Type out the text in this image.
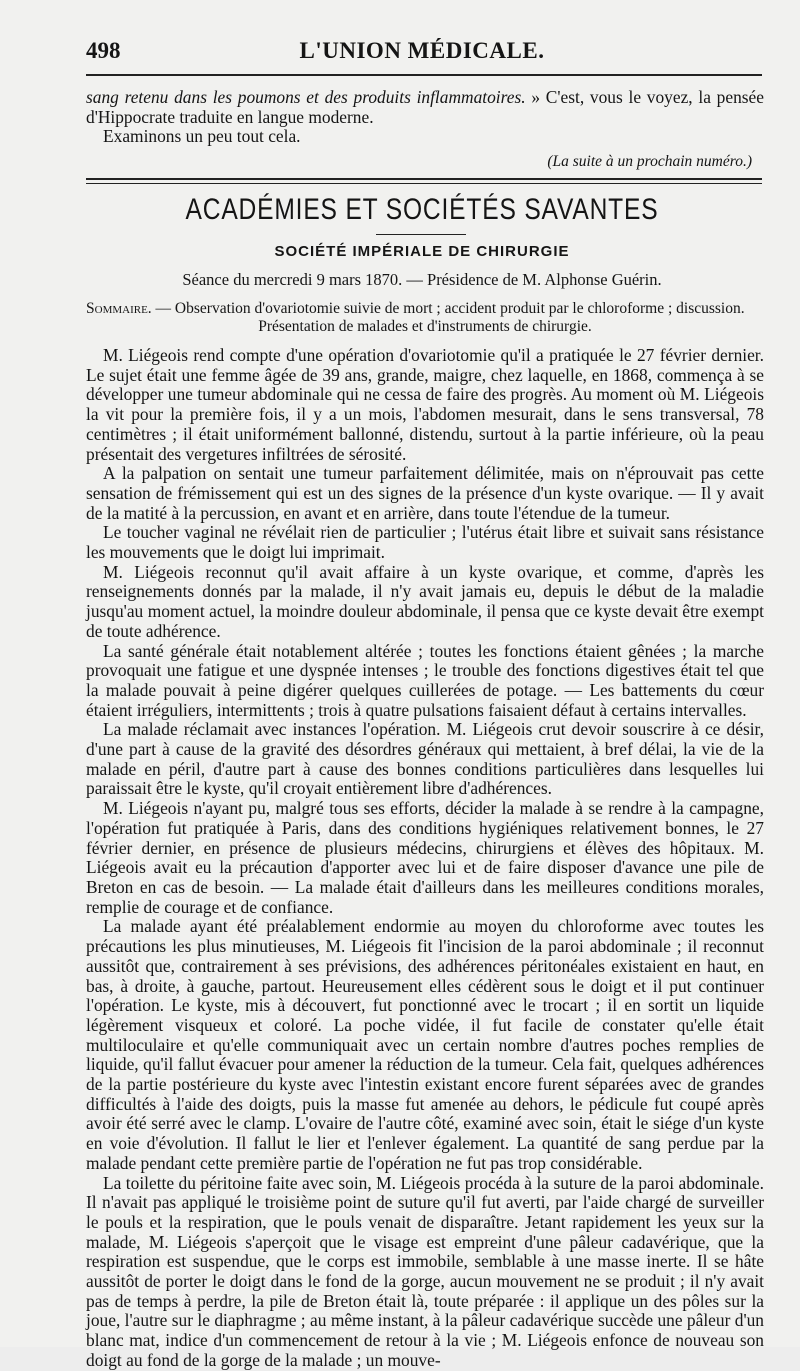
498	L'UNION MÉDICALE.

sang retenu dans les poumons et des produits inflammatoires. » C'est, vous le voyez, la pensée d'Hippocrate traduite en langue moderne.

Examinons un peu tout cela.

(La suite à un prochain numéro.)
ACADÉMIES ET SOCIÉTÉS SAVANTES
SOCIÉTÉ IMPÉRIALE DE CHIRURGIE
Séance du mercredi 9 mars 1870. — Présidence de M. Alphonse Guérin.
Sommaire. — Observation d'ovariotomie suivie de mort ; accident produit par le chloroforme ; discussion.
Présentation de malades et d'instruments de chirurgie.

M. Liégeois rend compte d'une opération d'ovariotomie qu'il a pratiquée le 27 février dernier. Le sujet était une femme âgée de 39 ans, grande, maigre, chez laquelle, en 1868, commença à se développer une tumeur abdominale qui ne cessa de faire des progrès. Au moment où M. Liégeois la vit pour la première fois, il y a un mois, l'abdomen mesurait, dans le sens transversal, 78 centimètres ; il était uniformément ballonné, distendu, surtout à la partie inférieure, où la peau présentait des vergetures infiltrées de sérosité.

A la palpation on sentait une tumeur parfaitement délimitée, mais on n'éprouvait pas cette sensation de frémissement qui est un des signes de la présence d'un kyste ovarique. — Il y avait de la matité à la percussion, en avant et en arrière, dans toute l'étendue de la tumeur.

Le toucher vaginal ne révélait rien de particulier ; l'utérus était libre et suivait sans résistance les mouvements que le doigt lui imprimait.

M. Liégeois reconnut qu'il avait affaire à un kyste ovarique, et comme, d'après les renseignements donnés par la malade, il n'y avait jamais eu, depuis le début de la maladie jusqu'au moment actuel, la moindre douleur abdominale, il pensa que ce kyste devait être exempt de toute adhérence.

La santé générale était notablement altérée ; toutes les fonctions étaient gênées ; la marche provoquait une fatigue et une dyspnée intenses ; le trouble des fonctions digestives était tel que la malade pouvait à peine digérer quelques cuillerées de potage. — Les battements du cœur étaient irréguliers, intermittents ; trois à quatre pulsations faisaient défaut à certains intervalles.

La malade réclamait avec instances l'opération. M. Liégeois crut devoir souscrire à ce désir, d'une part à cause de la gravité des désordres généraux qui mettaient, à bref délai, la vie de la malade en péril, d'autre part à cause des bonnes conditions particulières dans lesquelles lui paraissait être le kyste, qu'il croyait entièrement libre d'adhérences.

M. Liégeois n'ayant pu, malgré tous ses efforts, décider la malade à se rendre à la campagne, l'opération fut pratiquée à Paris, dans des conditions hygiéniques relativement bonnes, le 27 février dernier, en présence de plusieurs médecins, chirurgiens et élèves des hôpitaux. M. Liégeois avait eu la précaution d'apporter avec lui et de faire disposer d'avance une pile de Breton en cas de besoin. — La malade était d'ailleurs dans les meilleures conditions morales, remplie de courage et de confiance.

La malade ayant été préalablement endormie au moyen du chloroforme avec toutes les précautions les plus minutieuses, M. Liégeois fit l'incision de la paroi abdominale ; il reconnut aussitôt que, contrairement à ses prévisions, des adhérences péritonéales existaient en haut, en bas, à droite, à gauche, partout. Heureusement elles cédèrent sous le doigt et il put continuer l'opération. Le kyste, mis à découvert, fut ponctionné avec le trocart ; il en sortit un liquide légèrement visqueux et coloré. La poche vidée, il fut facile de constater qu'elle était multiloculaire et qu'elle communiquait avec un certain nombre d'autres poches remplies de liquide, qu'il fallut évacuer pour amener la réduction de la tumeur. Cela fait, quelques adhérences de la partie postérieure du kyste avec l'intestin existant encore furent séparées avec de grandes difficultés à l'aide des doigts, puis la masse fut amenée au dehors, le pédicule fut coupé après avoir été serré avec le clamp. L'ovaire de l'autre côté, examiné avec soin, était le siége d'un kyste en voie d'évolution. Il fallut le lier et l'enlever également. La quantité de sang perdue par la malade pendant cette première partie de l'opération ne fut pas trop considérable.

La toilette du péritoine faite avec soin, M. Liégeois procéda à la suture de la paroi abdominale. Il n'avait pas appliqué le troisième point de suture qu'il fut averti, par l'aide chargé de surveiller le pouls et la respiration, que le pouls venait de disparaître. Jetant rapidement les yeux sur la malade, M. Liégeois s'aperçoit que le visage est empreint d'une pâleur cadavérique, que la respiration est suspendue, que le corps est immobile, semblable à une masse inerte. Il se hâte aussitôt de porter le doigt dans le fond de la gorge, aucun mouvement ne se produit ; il n'y avait pas de temps à perdre, la pile de Breton était là, toute préparée : il applique un des pôles sur la joue, l'autre sur le diaphragme ; au même instant, à la pâleur cadavérique succède une pâleur d'un blanc mat, indice d'un commencement de retour à la vie ; M. Liégeois enfonce de nouveau son doigt au fond de la gorge de la malade ; un mouve-
